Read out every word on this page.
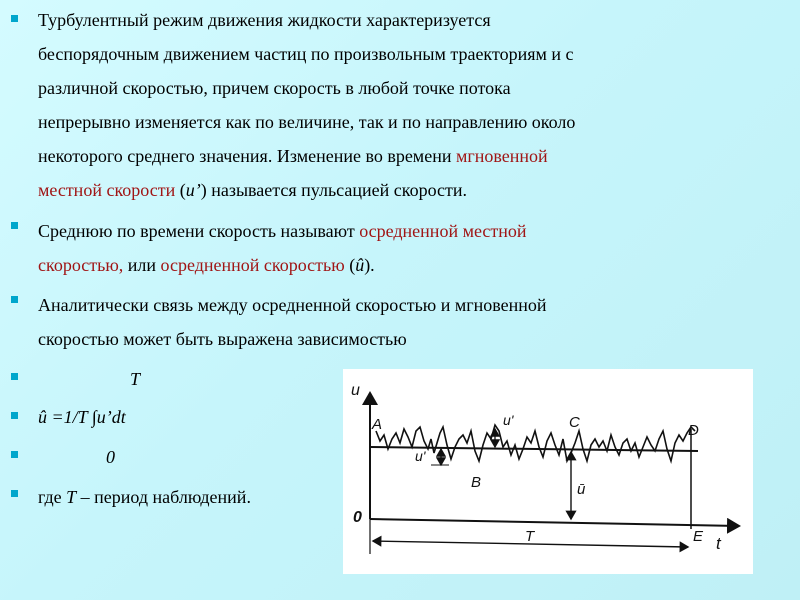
Турбулентный режим движения жидкости характеризуется
беспорядочным движением частиц по произвольным траекториям и с
различной скоростью, причем скорость в любой точке потока
непрерывно изменяется как по величине, так и по направлению около
некоторого среднего значения. Изменение во времени мгновенной
местной скорости (u’) называется пульсацией скорости.
Среднюю по времени скорость называют осредненной местной
скоростью, или осредненной скоростью (û).
Аналитически связь между осредненной скоростью и мгновенной
скоростью может быть выражена зависимостью
T
û =1/T ∫u’dt
0
где T – период наблюдений.
u
t
0
A
B
C	D
E
u'
u'
ū
T
